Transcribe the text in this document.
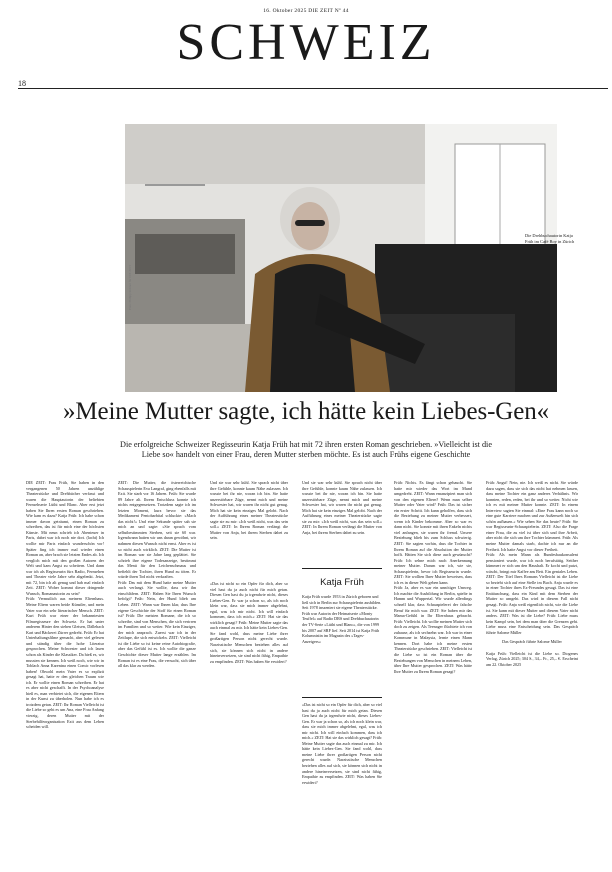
16. Oktober 2025 DIE ZEIT Nº 44
SCHWEIZ
18
Foto: Philipp Rohner für DIE ZEIT
Die Drehbuchautorin Katja Früh im Café Boy in Zürich
»Meine Mutter sagte, ich hätte kein Liebes-Gen«
Die erfolgreiche Schweizer Regisseurin Katja Früh hat mit 72 ihren ersten Roman geschrieben. »Vielleicht ist die Liebe so« handelt von einer Frau, deren Mutter sterben möchte. Es ist auch Frühs eigene Geschichte

DIE ZEIT: Frau Früh, Sie haben in den vergangenen 50 Jahren unzählige Theaterstücke und Drehbücher verfasst und waren die Hauptautorin der beliebten Fernsehserie Lüthi und Blanc. Aber erst jetzt haben Sie Ihren ersten Roman geschrieben. Wie kam es dazu? Katja Früh: Ich habe schon immer davon geträumt, einen Roman zu schreiben, das ist für mich eine der höchsten Künste. Mit neun schrieb ich Abenteuer in Paris, dabei war ich noch nie dort. (lacht) Ich wollte mir Paris einfach wunderschön vor! Später fing ich immer mal wieder einen Roman an, aber brach sie letzten Endes ab. Ich verglich mich mit den großen Autoren der Welt und kam Angst zu scheitern. Und dann war ich als Regisseurin fürs Radio, Fernsehen und Theater viele Jahre sehr abgelenkt. Jetzt, mit 72, bin ich alt genug und hab mal einfach Zeit. ZEIT: Woher kommt dieser dringende Wunsch, Romanautorin zu sein?

Früh: Vermutlich aus meinem Elternhaus. Meine Eltern waren beide Künstler, und mein Vater war ein sehr literarischer Mensch. ZEIT: Kurt Früh war einer der bekanntesten Filmregisseure der Schweiz. Er hat unter anderem Hinter den sieben Gleisen, Dällebach Kari und Bäckerei Zürrer gedreht. Früh: Er hat Unterhaltungsfilme gemacht, aber viel gelesen und ständig über die hohe Literatur gesprochen. Meine Schwester und ich lasen schon als Kinder die Klassiker. Da hieß es, wir mussten sie kennen. Ich weiß noch, wie wir in Toblach Anna Karenina einen Comic vorlesen haben! Obwohl mein Vater es so explizit gesagt hat, hatte er den gleichen Traum wie ich. Er wollte einen Roman schreiben. Er hat es aber nicht geschafft. In der Psychoanalyse hieß es, man verbietet sich, die eigenen Eltern in der Kunst zu überholen. Nun habe ich es trotzdem getan. ZEIT: Ihr Roman Vielleicht ist die Liebe so geht es um Ana, eine Frau Anfang vierzig, deren Mutter mit der Sterbehilfeorganisation Exit aus dem Leben scheiden will.

ZEIT: Die Mutter, die österreichische Schauspielerin Eva Langraf, ging ebenfalls mit Exit. Sie starb vor 16 Jahren. Früh: Sie wurde 89 Jahre alt. Ihrem Entschluss konnte ich nichts entgegensetzen. Trotzdem sagte ich im letzten Moment, kurz bevor sie das Medikament Pentobarbital schluckte: »Mach das nicht!« Und eine Sekunde später sah sie mich an und sagte: »Sie sprach vom selbstbestimmten Sterben, seit sie 60 war. Irgendwann hatten wir uns daran gewöhnt, wir nahmen diesen Wunsch nicht ernst. Aber es ist so nicht auch wirklich. ZEIT: Die Mutter ist im Roman war sie Jahre lang geplättet. Sie schrieb ihre eigene Todesanzeige, bestimmt das Menü für den Leichenschmaus und befiehlt der Tochter, ihren Hund zu töten. Er würde ihren Tod nicht verkraften.

Früh: Das mit dem Hund hatte meine Mutter auch verlangt. Sie wollte, dass wir ihn einschläfern. ZEIT: Haben Sie Ihren Wunsch befolgt? Früh: Nein, der Hund blieb am Leben. ZEIT: Wann war Ihnen klar, dass Ihre eigene Geschichte der Stoff für einen Roman ist? Früh: Die meisten Romane, die ich so schreibe, sind von Menschen, die sich verirren im Familien und so weiter. Wie kein Einziger, der mich ansprach. Zuerst war ich in der Zeitlupe, die sich entwickeln. ZEIT: Vielleicht ist die Liebe so ist keine reine Autobiografie, aber das Gefühl ist es. Ich wollte die ganze Geschichte dieser Mutter lange erzählen. Im Roman ist es eine Frau, die versucht, sich über all das klar zu werden.

Und sie war sehr kühl. Sie sprach nicht über ihre Gefühle, konnte kaum Nähe zulassen. Ich wusste bei ihr nie, woran ich bin. Sie hatte unzerstörbare Züge, nennt mich und meine Schwester hat, wir waren ihr nicht gut genug. Mich hat sie kein einziges Mal gelobt. Nach der Aufführung eines meiner Theaterstücke sagte sie zu mir: »Ich weiß nicht, was das sein soll.« ZEIT: In Ihrem Roman verlängt die Mutter von Anja, bei ihrem Sterben dabei zu sein.

»Das ist nicht so ein Opfer für dich, aber so viel hast du ja auch nicht für mich getan. Diesen Gen hast du ja irgendwie nicht, dieses Liebes-Gen. Er war ja schon so, als ich noch klein war, dass sie mich immer abgelehnt, egal, was ich mir nicht. Ich will einfach kommen, dass ich mich.« ZEIT: Hat sie das wirklich gesagt? Früh: Meine Mutter sagte das auch einmal zu mir. Ich hätte kein Liebes-Gen. Sie fand wohl, dass meine Liebe ihrer großartigen Person nicht gerecht wurde. Narzisstische Menschen beziehen alles auf sich, sie können sich nicht in andere hineinversetzen, sie sind nicht fähig, Empathie zu empfinden. ZEIT: Was haben Sie erwidert?

Und sie war sehr kühl. Sie sprach nicht über ihre Gefühle, konnte kaum Nähe zulassen. Ich wusste bei ihr nie, woran ich bin. Sie hatte unzerstörbare Züge, nennt mich und meine Schwester hat, wir waren ihr nicht gut genug. Mich hat sie kein einziges Mal gelobt. Nach der Aufführung eines meiner Theaterstücke sagte sie zu mir: »Ich weiß nicht, was das sein soll.« ZEIT: In Ihrem Roman verlängt die Mutter von Anja, bei ihrem Sterben dabei zu sein.

Katja Früh
Katja Früh wurde 1953 in Zürich geboren und ließ sich in Berlin zur Schauspielerin ausbilden. Seit 1978 inszeniert sie eigene Theaterstücke. Früh war Autorin der Heimatserie »Monty Teuffel« auf Radio DRS und Drehbuchautorin der TV-Serie »Lüthi und Blanc«, die von 1999 bis 2007 auf SRF lief. Seit 2014 ist Katja Früh Kolumnistin im Magazin des »Tages-Anzeigers«

»Das ist nicht so ein Opfer für dich, aber so viel hast du ja auch nicht für mich getan. Diesen Gen hast du ja irgendwie nicht, dieses Liebes-Gen. Er war ja schon so, als ich noch klein war, dass sie mich immer abgelehnt, egal, was ich mir nicht. Ich will einfach kommen, dass ich mich.« ZEIT: Hat sie das wirklich gesagt? Früh: Meine Mutter sagte das auch einmal zu mir. Ich hätte kein Liebes-Gen. Sie fand wohl, dass meine Liebe ihrer großartigen Person nicht gerecht wurde. Narzisstische Menschen beziehen alles auf sich, sie können sich nicht in andere hineinversetzen, sie sind nicht fähig, Empathie zu empfinden. ZEIT: Was haben Sie erwidert?

Früh: Nichts. Es fängt schon gehaucht. Sie hatte mir wieder das Wort im Mund umgedreht. ZEIT: Wann emanzipiert man sich von den eigenen Eltern? Wenn man selber Mutter oder Vater wird? Früh: Das ist sicher ein erster Schritt. Ich kann geholfen, dass sich die Beziehung zu meiner Mutter verbessert, wenn ich Kinder bekomme. Aber so war es dann nicht. Sie konnte mit ihren Enkeln nichts viel anfangen, sie waren ihr fremd. Unsere Beziehung blieb bis zum Schluss schwierig. ZEIT: Sie sagten vorhin, dass die Tochter in Ihrem Roman auf die Absolution der Mutter hofft. Hätten Sie sich diese auch gewünscht? Früh: Ich sehne mich nach Anerkennung meiner Mutter. Darum war ich, wie sie, Schauspielerin, bevor ich Regisseurin wurde. ZEIT: Sie wollten Ihrer Mutter beweisen, dass ich es in dieser Welt geben kann.

Früh: Ja, aber es war ein unnötiger Umweg. Ich machte die Ausbildung in Berlin, spielte in Hamm und Wuppertal. Wir wurde allerdings schnell klar, dass Schauspielerei der falsche Beruf für mich war. ZEIT: Sie haben mir das Mama-Gefühl in Ihr Elternhaus gebracht. Früh: Vielleicht. Ich wollte meinen Mutter sich doch zu zeigen. Als Teenager flüchtete ich von zuhause, als ich sechzehn war. Ich war in einer Kommune in Malaysia, lernte einen Mann kennen. Dort habe ich meine ersten Theaterstücke geschrieben. ZEIT: Vielleicht ist die Liebe so ist ein Roman über die Beziehungen von Menschen in meinem Leben, über Ihre Mutter gesprochen. ZEIT: Was hätte Ihre Mutter zu Ihrem Roman gesagt?

Früh: Angst! Nein, nie. Ich weiß es nicht. Sie würde dazu sagen, dass sie sich das nicht hat nehmen lassen, dass meine Tochter ein ganz anderes Verhältnis. Wir konnten, reden, reden, bei ihr und so weiter. Nicht wie ich es mit meiner Mutter konnte. ZEIT: In einem Interview sagten Sie einmal: »Eine Frau kann noch so eine gute Karriere machen und zur Außenwelt hin sich schön aufbauen.« Wie sehen Sie das heute? Früh: Sie war Regisseurin-Schauspielerin. ZEIT: Also die Frage einer Frau, die zu viel ist über sich und ihre Arbeit, aber nicht die sich um ihre Tochter kümmert. Früh: Als meine Mutter damals starb, dachte ich nur an die Freiheit. Ich hatte Angst vor dieser Freiheit.

Früh: Als mein Mann als Bundesbaukonsulent pensioniert wurde, war ich noch berufstätig. Seither kümmert er sich um den Haushalt. Er kocht und putzt, wäscht, bringt mir Kaffee ans Bett. Ein geniales Leben. ZEIT: Der Titel Ihres Romans Vielleicht ist die Liebe so bezieht sich auf eine Stelle im Buch. Anja wurde es in einer Tochter ihres Ex-Freundes gesagt. Das ist eine Enttäuschung, dass ein Kind mit dem Sterben der Mutter so umgeht. Das wird in diesem Fall nicht gesagt. Früh: Anja weiß eigentlich nicht, wie die Liebe ist. Sie kann mit dieser Mutter und diesem Vater nicht anders. ZEIT: Was ist die Liebe? Früh: Liebe muss kein Kampf sein, bei dem man über die Grenzen geht. Liebe muss eine Entscheidung sein. Das Gespräch führte Salome Müller

Das Gespräch führte Salome Müller
Katja Früh: Vielleicht ist die Liebe so. Diogenes Verlag, Zürich 2025; 304 S., 34,– Fr., 25,– €. Erscheint am 22. Oktober 2025
